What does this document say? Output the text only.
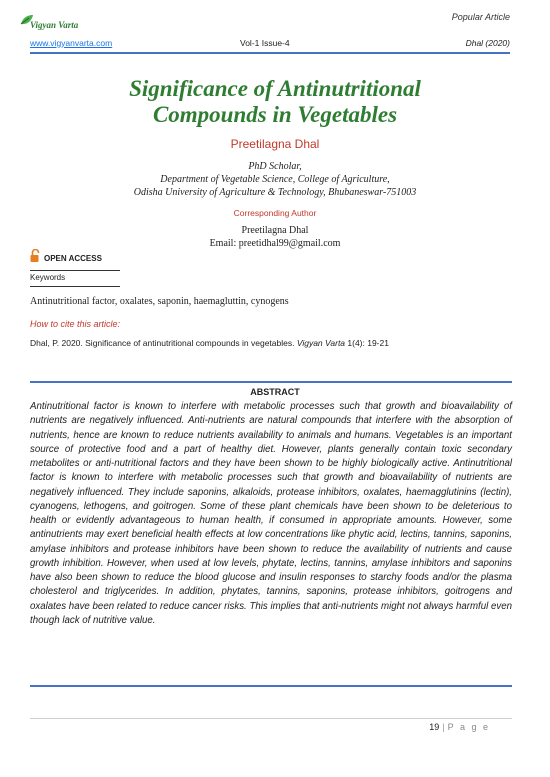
Popular Article
Vigyan Varta
www.vigyanvarta.com	Vol-1 Issue-4	Dhal (2020)
Significance of Antinutritional
Compounds in Vegetables
Preetilagna Dhal
PhD Scholar,
Department of Vegetable Science, College of Agriculture,
Odisha University of Agriculture & Technology, Bhubaneswar-751003
Corresponding Author
Preetilagna Dhal
Email: preetidhal99@gmail.com
OPEN ACCESS
Keywords
Antinutritional factor, oxalates, saponin, haemagluttin, cynogens
How to cite this article:
Dhal, P. 2020. Significance of antinutritional compounds in vegetables. Vigyan Varta 1(4): 19-21
ABSTRACT
Antinutritional factor is known to interfere with metabolic processes such that growth and bioavailability of nutrients are negatively influenced. Anti-nutrients are natural compounds that interfere with the absorption of nutrients, hence are known to reduce nutrients availability to animals and humans. Vegetables is an important source of protective food and a part of healthy diet. However, plants generally contain toxic secondary metabolites or anti-nutritional factors and they have been shown to be highly biologically active. Antinutritional factor is known to interfere with metabolic processes such that growth and bioavailability of nutrients are negatively influenced. They include saponins, alkaloids, protease inhibitors, oxalates, haemagglutinins (lectin), cyanogens, lethogens, and goitrogen. Some of these plant chemicals have been shown to be deleterious to health or evidently advantageous to human health, if consumed in appropriate amounts. However, some antinutrients may exert beneficial health effects at low concentrations like phytic acid, lectins, tannins, saponins, amylase inhibitors and protease inhibitors have been shown to reduce the availability of nutrients and cause growth inhibition. However, when used at low levels, phytate, lectins, tannins, amylase inhibitors and saponins have also been shown to reduce the blood glucose and insulin responses to starchy foods and/or the plasma cholesterol and triglycerides. In addition, phytates, tannins, saponins, protease inhibitors, goitrogens and oxalates have been related to reduce cancer risks. This implies that anti-nutrients might not always harmful even though lack of nutritive value.
19 | P a g e
